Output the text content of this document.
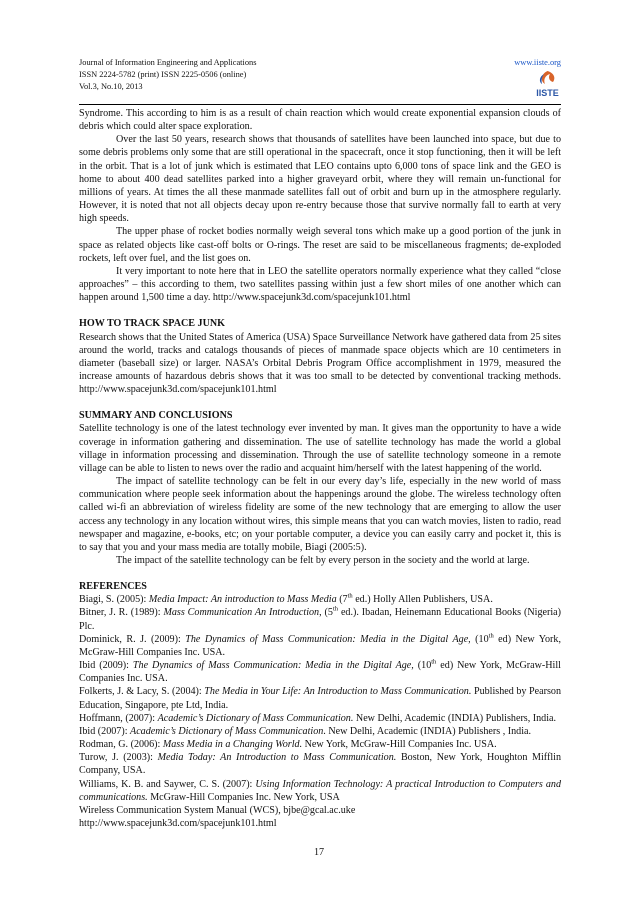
Journal of Information Engineering and Applications
ISSN 2224-5782 (print) ISSN 2225-0506 (online)
Vol.3, No.10, 2013
www.iiste.org
IISTE

Syndrome. This according to him is as a result of chain reaction which would create exponential expansion clouds of debris which could alter space exploration.

Over the last 50 years, research shows that thousands of satellites have been launched into space, but due to some debris problems only some that are still operational in the spacecraft, once it stop functioning, then it will be left in the orbit. That is a lot of junk which is estimated that LEO contains upto 6,000 tons of space link and the GEO is home to about 400 dead satellites parked into a higher graveyard orbit, where they will remain un-functional for millions of years. At times the all these manmade satellites fall out of orbit and burn up in the atmosphere regularly. However, it is noted that not all objects decay upon re-entry because those that survive normally fall to earth at very high speeds.

The upper phase of rocket bodies normally weigh several tons which make up a good portion of the junk in space as related objects like cast-off bolts or O-rings. The reset are said to be miscellaneous fragments; de-exploded rockets, left over fuel, and the list goes on.

It very important to note here that in LEO the satellite operators normally experience what they called “close approaches” – this according to them, two satellites passing within just a few short miles of one another which can happen around 1,500 time a day. http://www.spacejunk3d.com/spacejunk101.html

HOW TO TRACK SPACE JUNK

Research shows that the United States of America (USA) Space Surveillance Network have gathered data from 25 sites around the world, tracks and catalogs thousands of pieces of manmade space objects which are 10 centimeters in diameter (baseball size) or larger. NASA’s Orbital Debris Program Office accomplishment in 1979, measured the increase amounts of hazardous debris shows that it was too small to be detected by conventional tracking methods. http://www.spacejunk3d.com/spacejunk101.html

SUMMARY AND CONCLUSIONS

Satellite technology is one of the latest technology ever invented by man. It gives man the opportunity to have a wide coverage in information gathering and dissemination. The use of satellite technology has made the world a global village in information processing and dissemination. Through the use of satellite technology someone in a remote village can be able to listen to news over the radio and acquaint him/herself with the latest happening of the world.

The impact of satellite technology can be felt in our every day’s life, especially in the new world of mass communication where people seek information about the happenings around the globe. The wireless technology often called wi-fi an abbreviation of wireless fidelity are some of the new technology that are emerging to allow the user access any technology in any location without wires, this simple means that you can watch movies, listen to radio, read newspaper and magazine, e-books, etc; on your portable computer, a device you can easily carry and pocket it, this is to say that you and your mass media are totally mobile, Biagi (2005:5).

The impact of the satellite technology can be felt by every person in the society and the world at large.

REFERENCES

Biagi, S. (2005): Media Impact: An introduction to Mass Media (7th ed.) Holly Allen Publishers, USA.

Bitner, J. R. (1989): Mass Communication An Introduction, (5th ed.). Ibadan, Heinemann Educational Books (Nigeria) Plc.

Dominick, R. J. (2009): The Dynamics of Mass Communication: Media in the Digital Age, (10th ed) New York, McGraw-Hill Companies Inc. USA.

Ibid (2009): The Dynamics of Mass Communication: Media in the Digital Age, (10th ed) New York, McGraw-Hill Companies Inc. USA.

Folkerts, J. & Lacy, S. (2004): The Media in Your Life: An Introduction to Mass Communication. Published by Pearson Education, Singapore, pte Ltd, India.

Hoffmann, (2007): Academic’s Dictionary of Mass Communication. New Delhi, Academic (INDIA) Publishers, India.

Ibid (2007): Academic’s Dictionary of Mass Communication. New Delhi, Academic (INDIA) Publishers , India.

Rodman, G. (2006): Mass Media in a Changing World. New York, McGraw-Hill Companies Inc. USA.

Turow, J. (2003): Media Today: An Introduction to Mass Communication. Boston, New York, Houghton Mifflin Company, USA.

Williams, K. B. and Saywer, C. S. (2007): Using Information Technology: A practical Introduction to Computers and communications. McGraw-Hill Companies Inc. New York, USA

Wireless Communication System Manual (WCS), bjbe@gcal.ac.uke

http://www.spacejunk3d.com/spacejunk101.html

17
